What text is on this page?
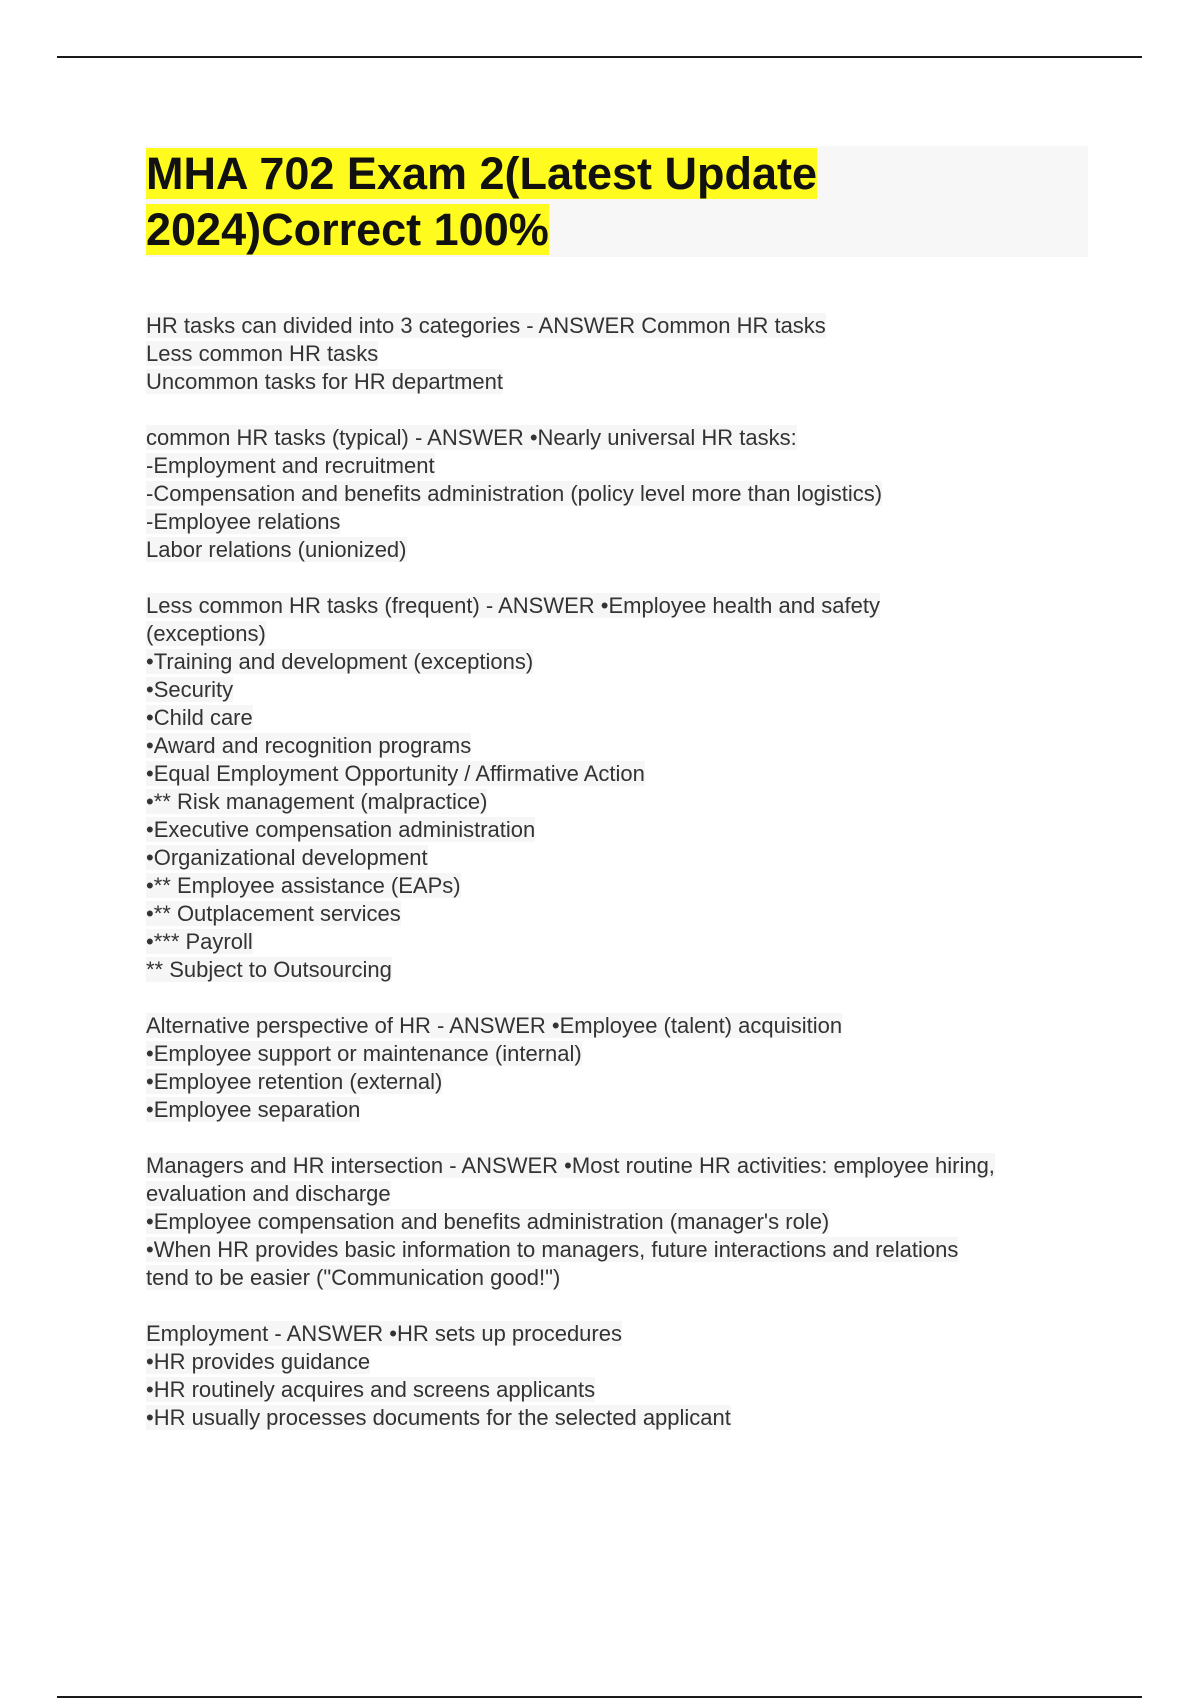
MHA 702 Exam 2(Latest Update
2024)Correct 100%
HR tasks can divided into 3 categories - ANSWER Common HR tasks
Less common HR tasks
Uncommon tasks for HR department
common HR tasks (typical) - ANSWER •Nearly universal HR tasks:
-Employment and recruitment
-Compensation and benefits administration (policy level more than logistics)
-Employee relations
Labor relations (unionized)
Less common HR tasks (frequent) - ANSWER •Employee health and safety
(exceptions)
•Training and development (exceptions)
•Security
•Child care
•Award and recognition programs
•Equal Employment Opportunity / Affirmative Action
•** Risk management (malpractice)
•Executive compensation administration
•Organizational development
•** Employee assistance (EAPs)
•** Outplacement services
•*** Payroll
** Subject to Outsourcing
Alternative perspective of HR - ANSWER •Employee (talent) acquisition
•Employee support or maintenance (internal)
•Employee retention (external)
•Employee separation
Managers and HR intersection - ANSWER •Most routine HR activities: employee hiring,
evaluation and discharge
•Employee compensation and benefits administration (manager's role)
•When HR provides basic information to managers, future interactions and relations
tend to be easier ("Communication good!")
Employment - ANSWER •HR sets up procedures
•HR provides guidance
•HR routinely acquires and screens applicants
•HR usually processes documents for the selected applicant
